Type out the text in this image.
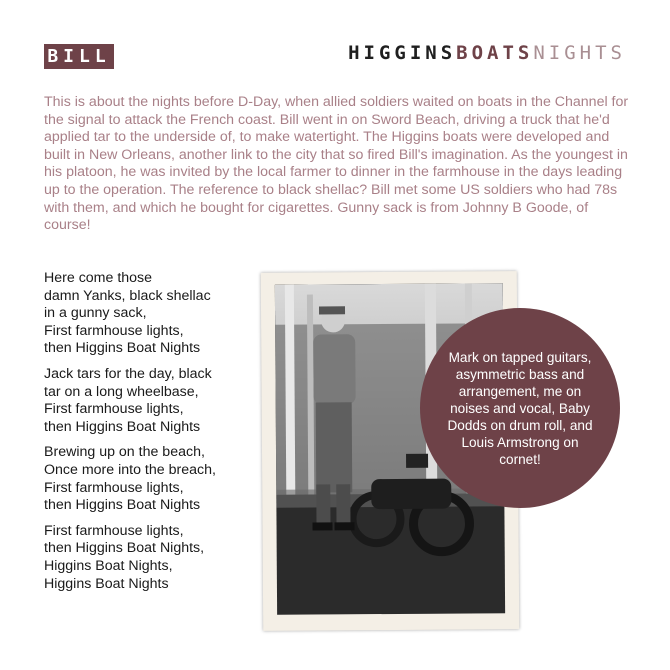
BILL	HIGGINSBOATSNIGHTS

This is about the nights before D-Day, when allied soldiers waited on boats in the Channel for the signal to attack the French coast. Bill went in on Sword Beach, driving a truck that he'd applied tar to the underside of, to make watertight. The Higgins boats were developed and built in New Orleans, another link to the city that so fired Bill's imagination. As the youngest in his platoon, he was invited by the local farmer to dinner in the farmhouse in the days leading up to the operation. The reference to black shellac? Bill met some US soldiers who had 78s with them, and which he bought for cigarettes. Gunny sack is from Johnny B Goode, of course!

Here come those
damn Yanks, black shellac
in a gunny sack,
First farmhouse lights,
then Higgins Boat Nights
Jack tars for the day, black
tar on a long wheelbase,
First farmhouse lights,
then Higgins Boat Nights
Brewing up on the beach,
Once more into the breach,
First farmhouse lights,
then Higgins Boat Nights
First farmhouse lights,
then Higgins Boat Nights,
Higgins Boat Nights,
Higgins Boat Nights
Mark on tapped guitars, asymmetric bass and arrangement, me on noises and vocal, Baby Dodds on drum roll, and Louis Armstrong on cornet!
